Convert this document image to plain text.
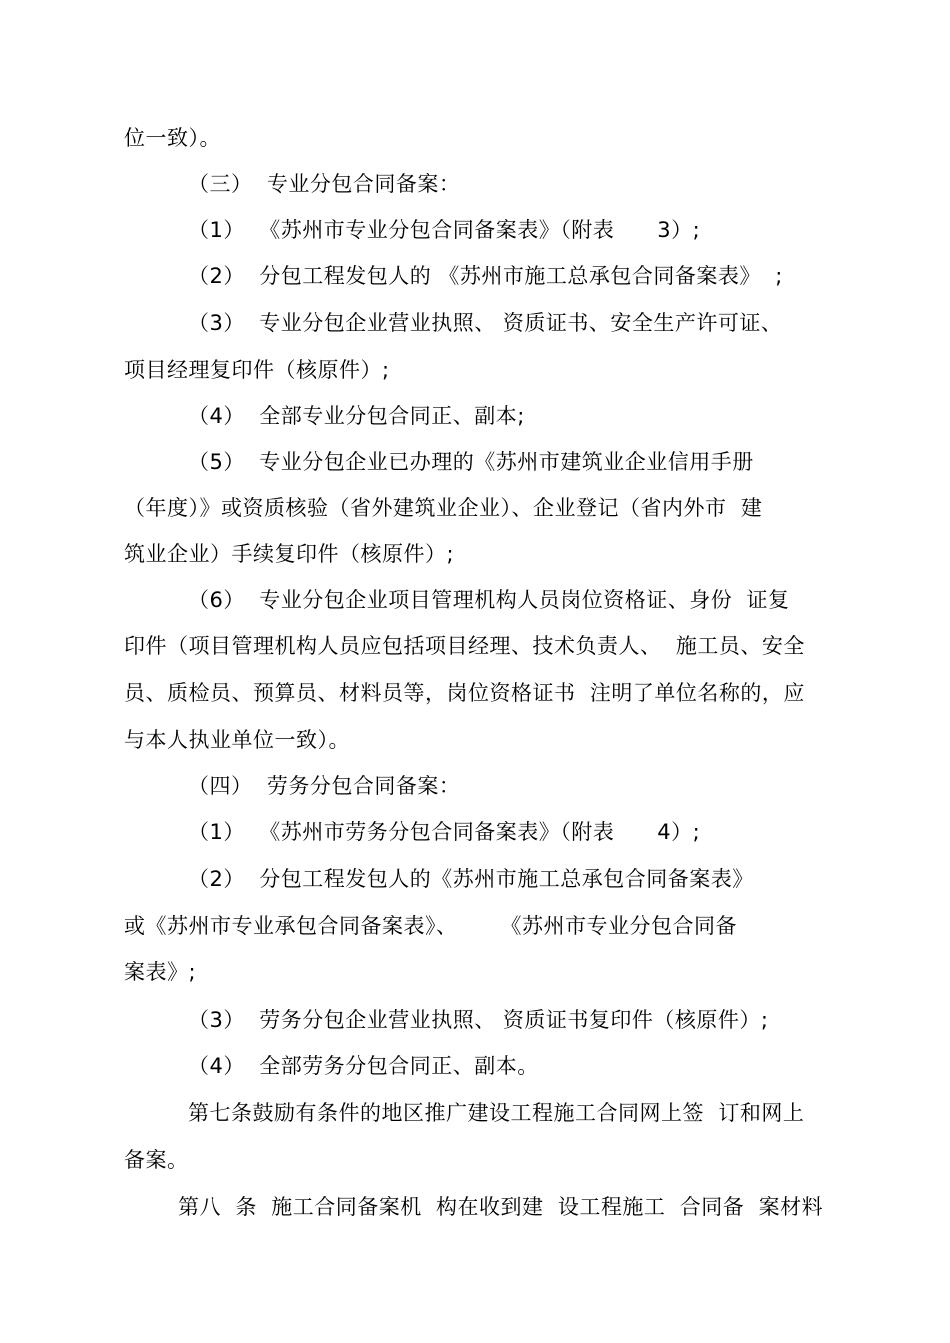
位一致）。
（三）  专业分包合同备案：
（1）  《苏州市专业分包合同备案表》（附表      3）;
（2）  分包工程发包人的 《苏州市施工总承包合同备案表》  ;
（3）  专业分包企业营业执照、 资质证书、安全生产许可证、
项目经理复印件（核原件）;
（4）  全部专业分包合同正、副本;
（5）  专业分包企业已办理的《苏州市建筑业企业信用手册
（年度）》或资质核验（省外建筑业企业）、企业登记（省内外市  建
筑业企业）手续复印件（核原件）;
（6）  专业分包企业项目管理机构人员岗位资格证、身份  证复
印件（项目管理机构人员应包括项目经理、技术负责人、  施工员、安全
员、质检员、预算员、材料员等，岗位资格证书  注明了单位名称的，应
与本人执业单位一致）。
（四）  劳务分包合同备案：
（1）  《苏州市劳务分包合同备案表》（附表      4）;
（2）  分包工程发包人的《苏州市施工总承包合同备案表》
或《苏州市专业承包合同备案表》、      《苏州市专业分包合同备
案表》;
（3）  劳务分包企业营业执照、 资质证书复印件（核原件）;
（4）  全部劳务分包合同正、副本。
第七条鼓励有条件的地区推广建设工程施工合同网上签  订和网上
备案。
第八  条  施工合同备案机  构在收到建  设工程施工  合同备  案材料
